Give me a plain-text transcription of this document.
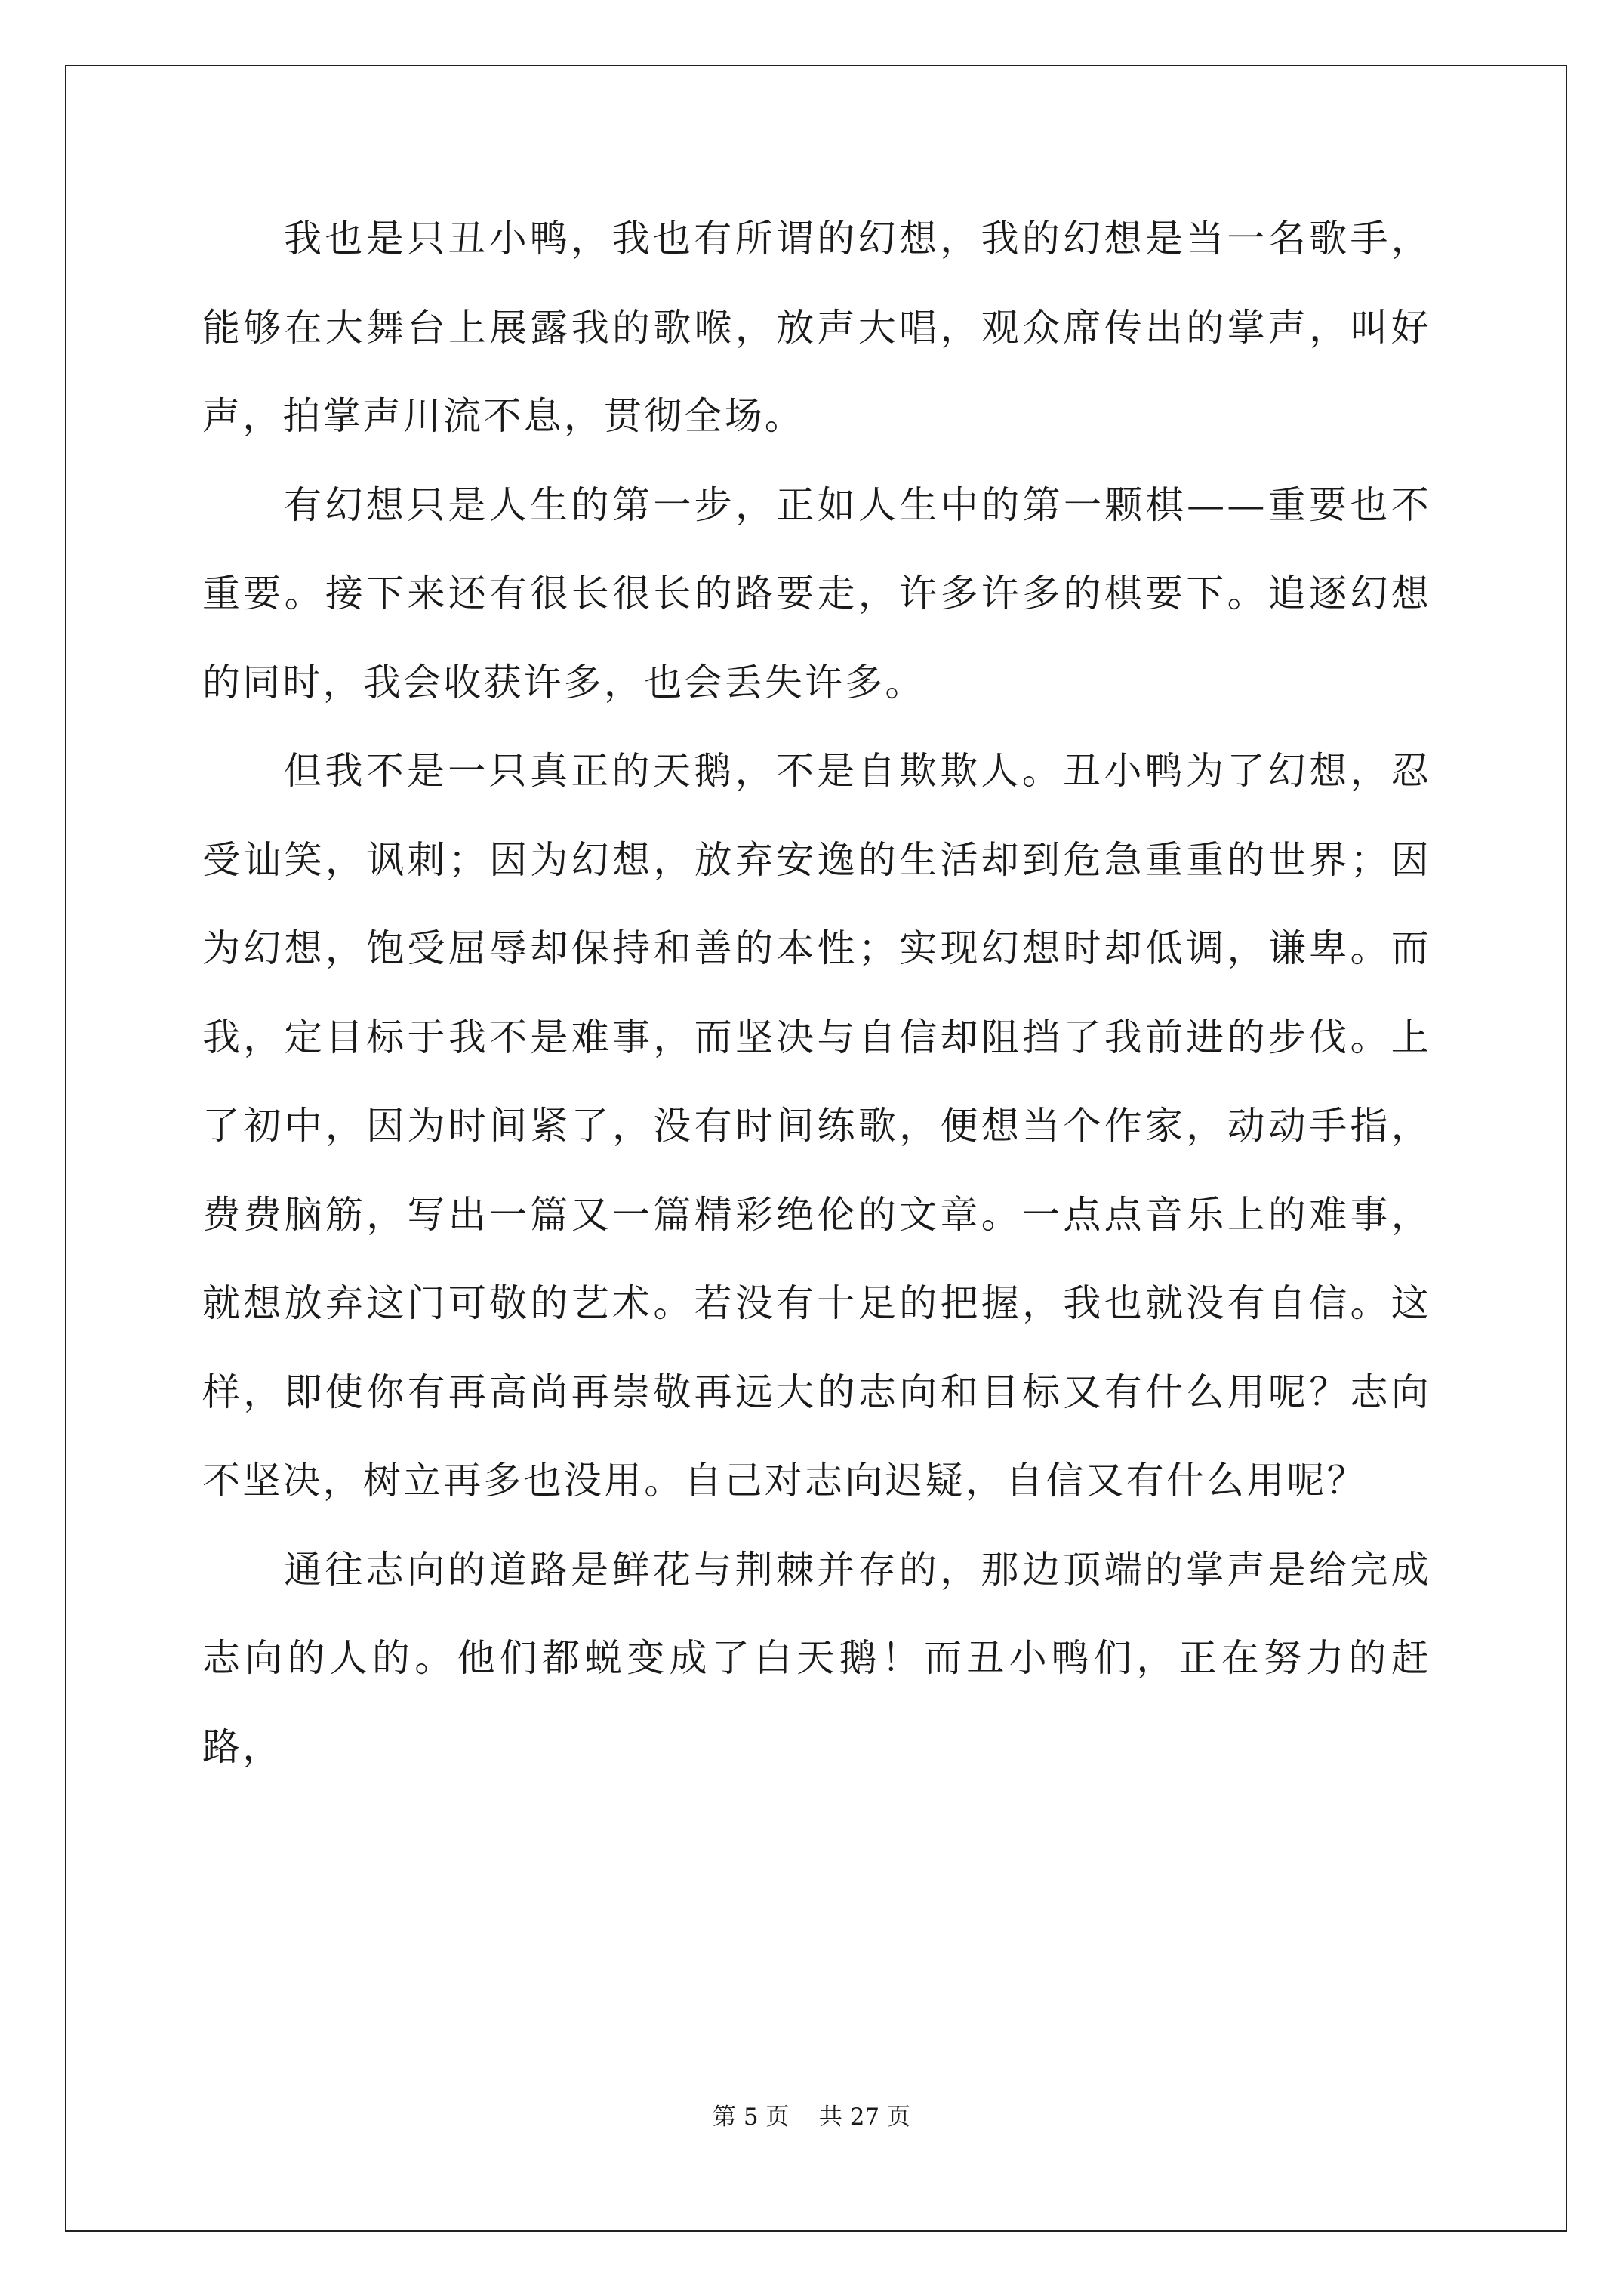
我也是只丑小鸭，我也有所谓的幻想，我的幻想是当一名歌手，能够在大舞台上展露我的歌喉，放声大唱，观众席传出的掌声，叫好声，拍掌声川流不息，贯彻全场。

有幻想只是人生的第一步，正如人生中的第一颗棋——重要也不重要。接下来还有很长很长的路要走，许多许多的棋要下。追逐幻想的同时，我会收获许多，也会丢失许多。

但我不是一只真正的天鹅，不是自欺欺人。丑小鸭为了幻想，忍受讪笑，讽刺；因为幻想，放弃安逸的生活却到危急重重的世界；因为幻想，饱受屈辱却保持和善的本性；实现幻想时却低调，谦卑。而我，定目标于我不是难事，而坚决与自信却阻挡了我前进的步伐。上了初中，因为时间紧了，没有时间练歌，便想当个作家，动动手指，费费脑筋，写出一篇又一篇精彩绝伦的文章。一点点音乐上的难事，就想放弃这门可敬的艺术。若没有十足的把握，我也就没有自信。这样，即使你有再高尚再崇敬再远大的志向和目标又有什么用呢？志向不坚决，树立再多也没用。自己对志向迟疑，自信又有什么用呢？

通往志向的道路是鲜花与荆棘并存的，那边顶端的掌声是给完成志向的人的。他们都蜕变成了白天鹅！而丑小鸭们，正在努力的赶路，

第 5 页 共 27 页
